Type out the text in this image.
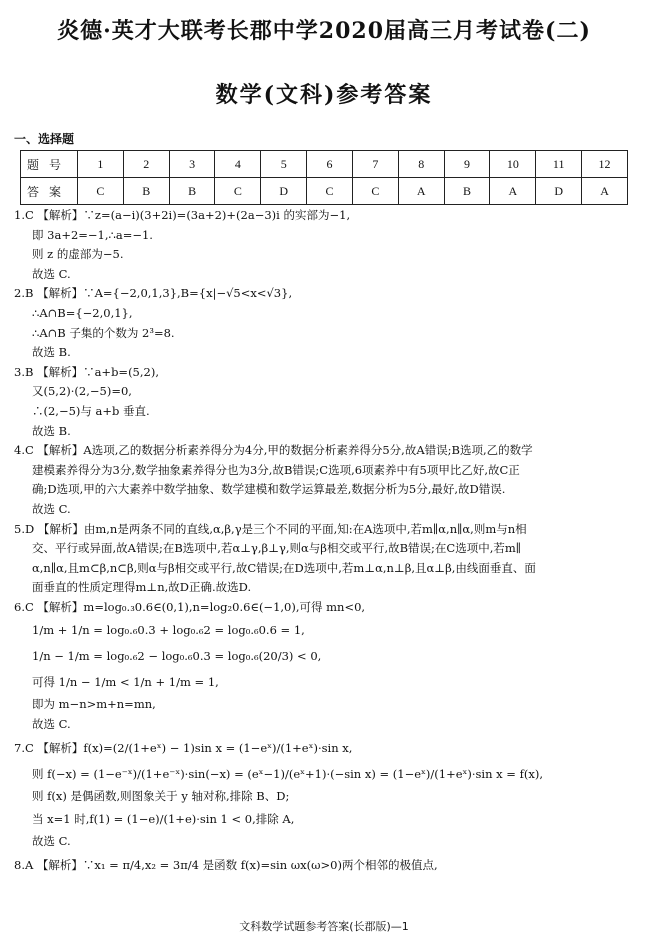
炎德·英才大联考长郡中学2020届高三月考试卷(二)
数学(文科)参考答案
一、选择题
题号	1	2	3	4	5	6	7	8	9	10	11	12
答案	C	B	B	C	D	C	C	A	B	A	D	A
1.C 【解析】∵z=(a−i)(3+2i)=(3a+2)+(2a−3)i 的实部为−1,
即 3a+2=−1,∴a=−1.
则 z 的虚部为−5.
故选 C.
2.B 【解析】∵A={−2,0,1,3},B={x|−√5<x<√3},
∴A∩B={−2,0,1},
∴A∩B 子集的个数为 2³=8.
故选 B.
3.B 【解析】∵a+b=(5,2),
又(5,2)·(2,−5)=0,
∴(2,−5)与 a+b 垂直.
故选 B.
4.C 【解析】A选项,乙的数据分析素养得分为4分,甲的数据分析素养得分5分,故A错误;B选项,乙的数学
建模素养得分为3分,数学抽象素养得分也为3分,故B错误;C选项,6项素养中有5项甲比乙好,故C正
确;D选项,甲的六大素养中数学抽象、数学建模和数学运算最差,数据分析为5分,最好,故D错误.
故选 C.
5.D 【解析】由m,n是两条不同的直线,α,β,γ是三个不同的平面,知:在A选项中,若m∥α,n∥α,则m与n相
交、平行或异面,故A错误;在B选项中,若α⊥γ,β⊥γ,则α与β相交或平行,故B错误;在C选项中,若m∥
α,n∥α,且m⊂β,n⊂β,则α与β相交或平行,故C错误;在D选项中,若m⊥α,n⊥β,且α⊥β,由线面垂直、面
面垂直的性质定理得m⊥n,故D正确.故选D.
6.C 【解析】m=log₀.₃0.6∈(0,1),n=log₂0.6∈(−1,0),可得 mn<0,
1/m + 1/n = log₀.₆0.3 + log₀.₆2 = log₀.₆0.6 = 1,
1/n − 1/m = log₀.₆2 − log₀.₆0.3 = log₀.₆(20/3) < 0,
可得 1/n − 1/m < 1/n + 1/m = 1,
即为 m−n>m+n=mn,
故选 C.
7.C 【解析】f(x)=(2/(1+eˣ) − 1)sin x = (1−eˣ)/(1+eˣ)·sin x,
则 f(−x) = (1−e⁻ˣ)/(1+e⁻ˣ)·sin(−x) = (eˣ−1)/(eˣ+1)·(−sin x) = (1−eˣ)/(1+eˣ)·sin x = f(x),
则 f(x) 是偶函数,则图象关于 y 轴对称,排除 B、D;
当 x=1 时,f(1) = (1−e)/(1+e)·sin 1 < 0,排除 A,
故选 C.
8.A 【解析】∵x₁ = π/4,x₂ = 3π/4 是函数 f(x)=sin ωx(ω>0)两个相邻的极值点,
文科数学试题参考答案(长郡版)—1
